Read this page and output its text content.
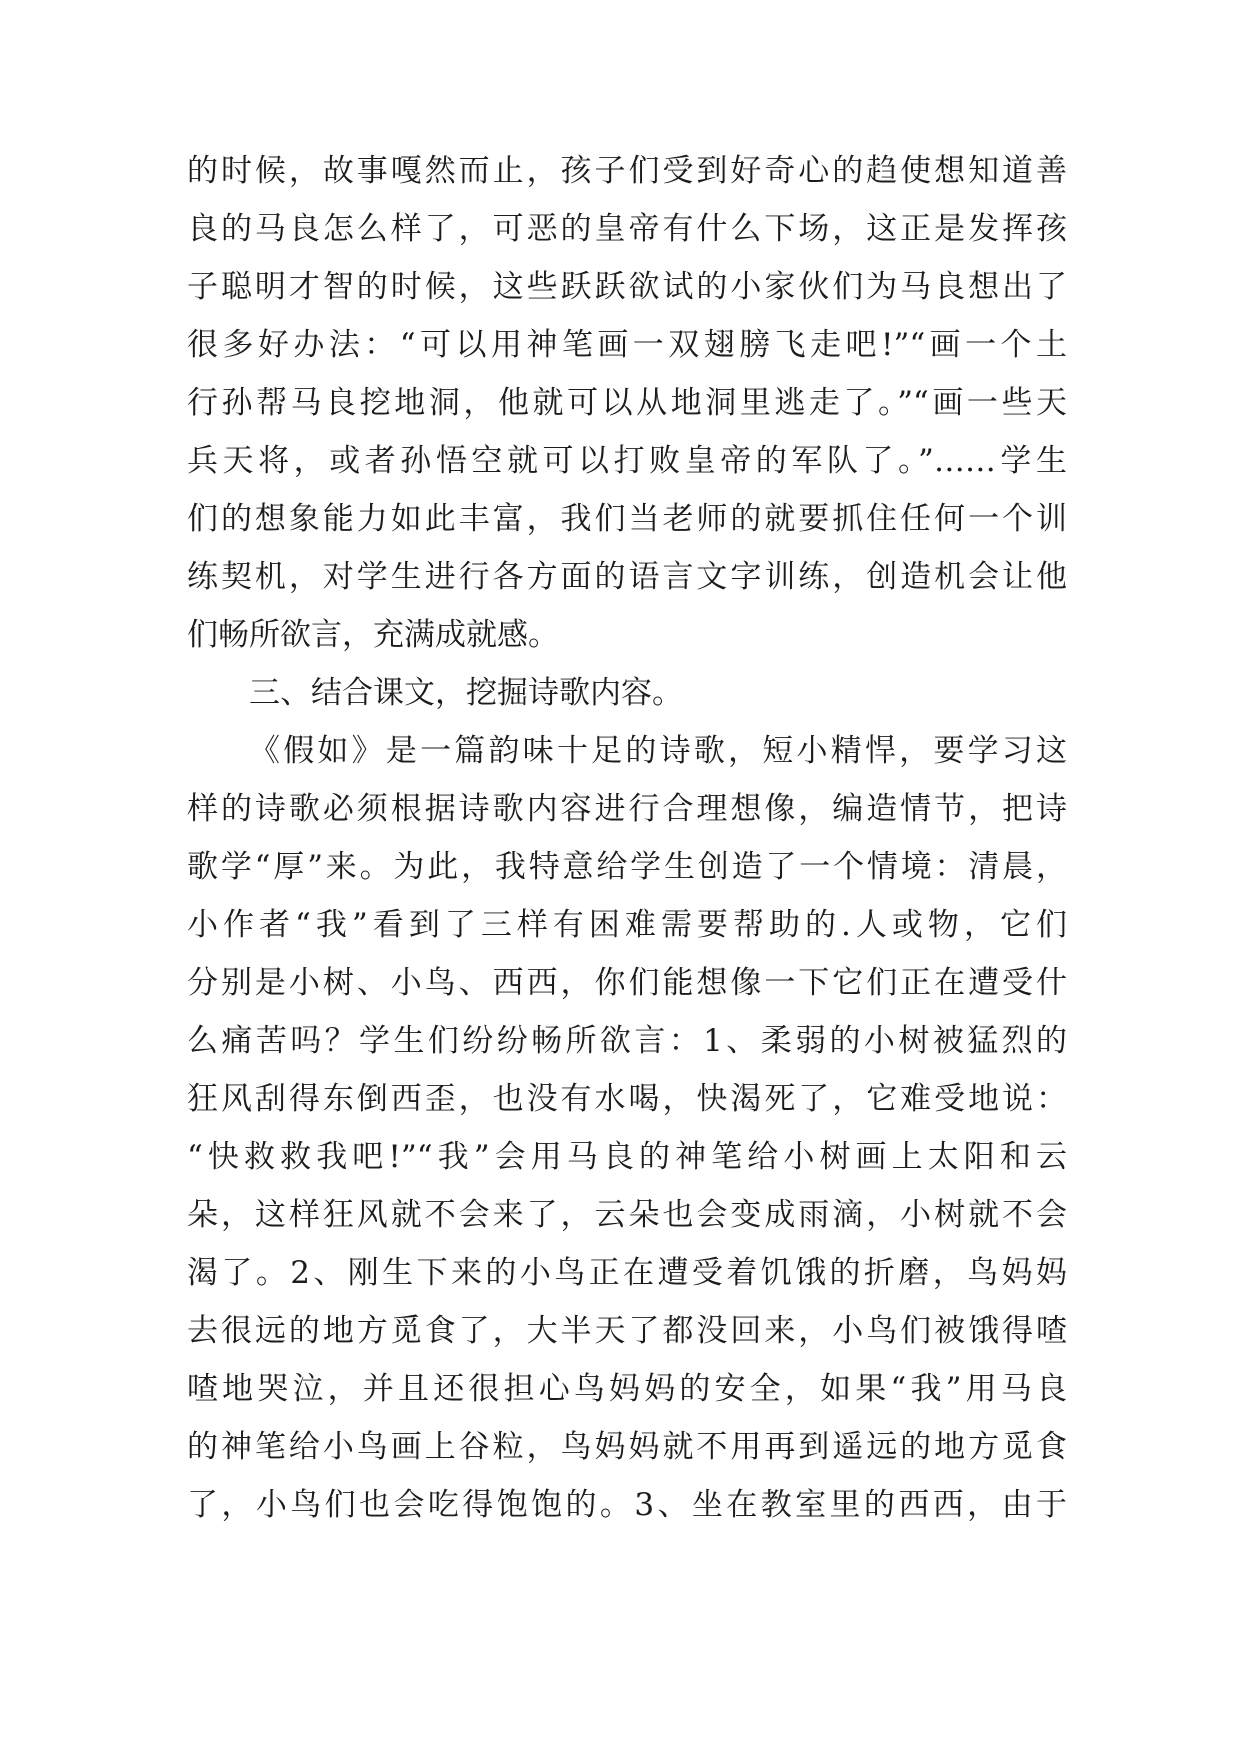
的时候，故事嘎然而止，孩子们受到好奇心的趋使想知道善
良的马良怎么样了，可恶的皇帝有什么下场，这正是发挥孩
子聪明才智的时候，这些跃跃欲试的小家伙们为马良想出了
很多好办法：“可以用神笔画一双翅膀飞走吧!”“画一个土
行孙帮马良挖地洞，他就可以从地洞里逃走了。”“画一些天
兵天将，或者孙悟空就可以打败皇帝的军队了。”……学生
们的想象能力如此丰富，我们当老师的就要抓住任何一个训
练契机，对学生进行各方面的语言文字训练，创造机会让他
们畅所欲言，充满成就感。
三、结合课文，挖掘诗歌内容。
《假如》是一篇韵味十足的诗歌，短小精悍，要学习这
样的诗歌必须根据诗歌内容进行合理想像，编造情节，把诗
歌学“厚”来。为此，我特意给学生创造了一个情境：清晨，
小作者“我”看到了三样有困难需要帮助的.人或物，它们
分别是小树、小鸟、西西，你们能想像一下它们正在遭受什
么痛苦吗？学生们纷纷畅所欲言：1、柔弱的小树被猛烈的
狂风刮得东倒西歪，也没有水喝，快渴死了，它难受地说：
“快救救我吧!”“我”会用马良的神笔给小树画上太阳和云
朵，这样狂风就不会来了，云朵也会变成雨滴，小树就不会
渴了。2、刚生下来的小鸟正在遭受着饥饿的折磨，鸟妈妈
去很远的地方觅食了，大半天了都没回来，小鸟们被饿得喳
喳地哭泣，并且还很担心鸟妈妈的安全，如果“我”用马良
的神笔给小鸟画上谷粒，鸟妈妈就不用再到遥远的地方觅食
了，小鸟们也会吃得饱饱的。3、坐在教室里的西西，由于
